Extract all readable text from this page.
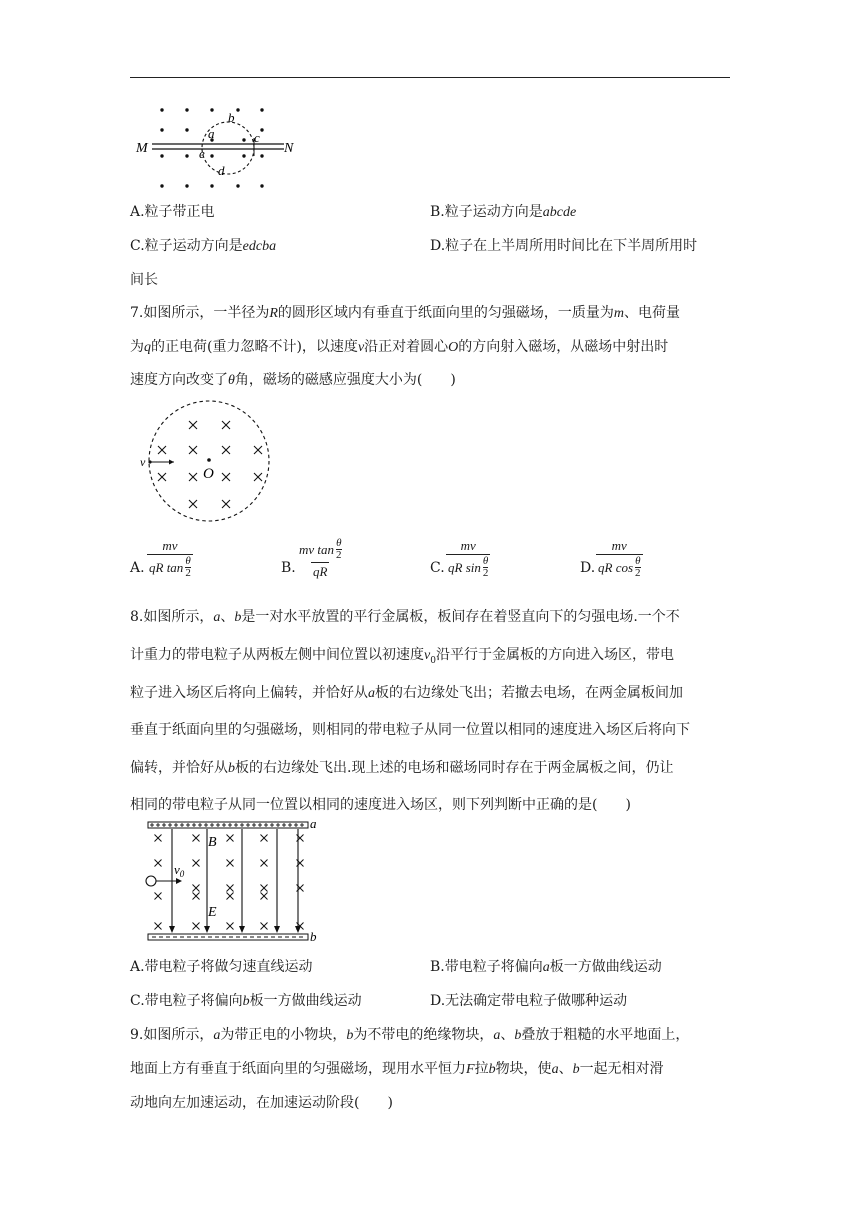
M	N
a
b
c
d
e
A.粒子带正电	B.粒子运动方向是abcde
C.粒子运动方向是edcba	D.粒子在上半周所用时间比在下半周所用时
间长
7.如图所示，一半径为R的圆形区域内有垂直于纸面向里的匀强磁场，一质量为m、电荷量
为q的正电荷(重力忽略不计)，以速度v沿正对着圆心O的方向射入磁场，从磁场中射出时
速度方向改变了θ角，磁场的磁感应强度大小为(　　)
O
v
A. mv
qR tan θ
2	B. mv tan θ
2
qR	C. mv
qR sin θ
2	D. mv
qR cos θ
2
8.如图所示，a、b是一对水平放置的平行金属板，板间存在着竖直向下的匀强电场.一个不
计重力的带电粒子从两板左侧中间位置以初速度$v_0$沿平行于金属板的方向进入场区，带电
粒子进入场区后将向上偏转，并恰好从a板的右边缘处飞出；若撤去电场，在两金属板间加
垂直于纸面向里的匀强磁场，则相同的带电粒子从同一位置以相同的速度进入场区后将向下
偏转，并恰好从b板的右边缘处飞出.现上述的电场和磁场同时存在于两金属板之间，仍让
相同的带电粒子从同一位置以相同的速度进入场区，则下列判断中正确的是(　　)
a
b
B
E
$v_0$
A.带电粒子将做匀速直线运动	B.带电粒子将偏向a板一方做曲线运动
C.带电粒子将偏向b板一方做曲线运动	D.无法确定带电粒子做哪种运动
9.如图所示，a为带正电的小物块，b为不带电的绝缘物块，a、b叠放于粗糙的水平地面上，
地面上方有垂直于纸面向里的匀强磁场，现用水平恒力F拉b物块，使a、b一起无相对滑
动地向左加速运动，在加速运动阶段(　　)
